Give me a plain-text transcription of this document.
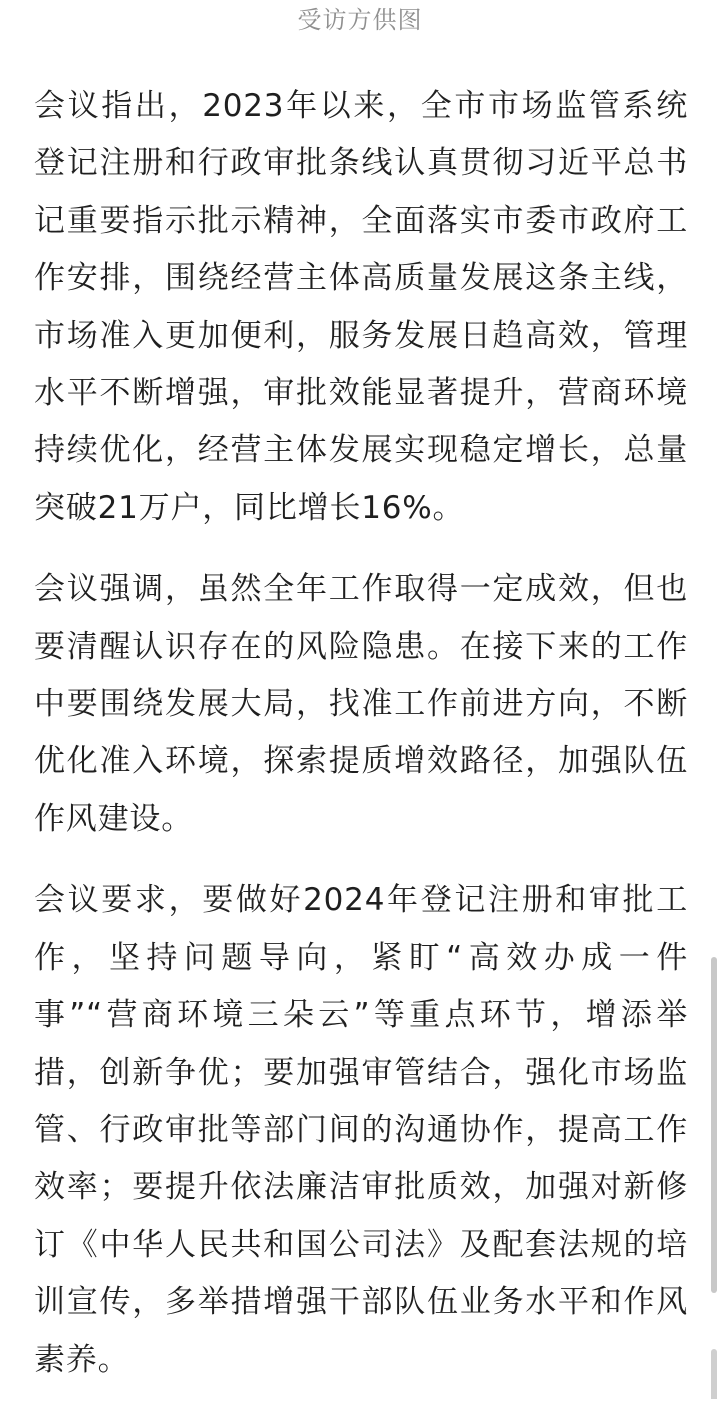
受访方供图

会议指出，2023年以来，全市市场监管系统登记注册和行政审批条线认真贯彻习近平总书记重要指示批示精神，全面落实市委市政府工作安排，围绕经营主体高质量发展这条主线，市场准入更加便利，服务发展日趋高效，管理水平不断增强，审批效能显著提升，营商环境持续优化，经营主体发展实现稳定增长，总量突破21万户，同比增长16%。

会议强调，虽然全年工作取得一定成效，但也要清醒认识存在的风险隐患。在接下来的工作中要围绕发展大局，找准工作前进方向，不断优化准入环境，探索提质增效路径，加强队伍作风建设。

会议要求，要做好2024年登记注册和审批工作，坚持问题导向，紧盯“高效办成一件事”“营商环境三朵云”等重点环节，增添举措，创新争优；要加强审管结合，强化市场监管、行政审批等部门间的沟通协作，提高工作效率；要提升依法廉洁审批质效，加强对新修订《中华人民共和国公司法》及配套法规的培训宣传，多举措增强干部队伍业务水平和作风素养。
